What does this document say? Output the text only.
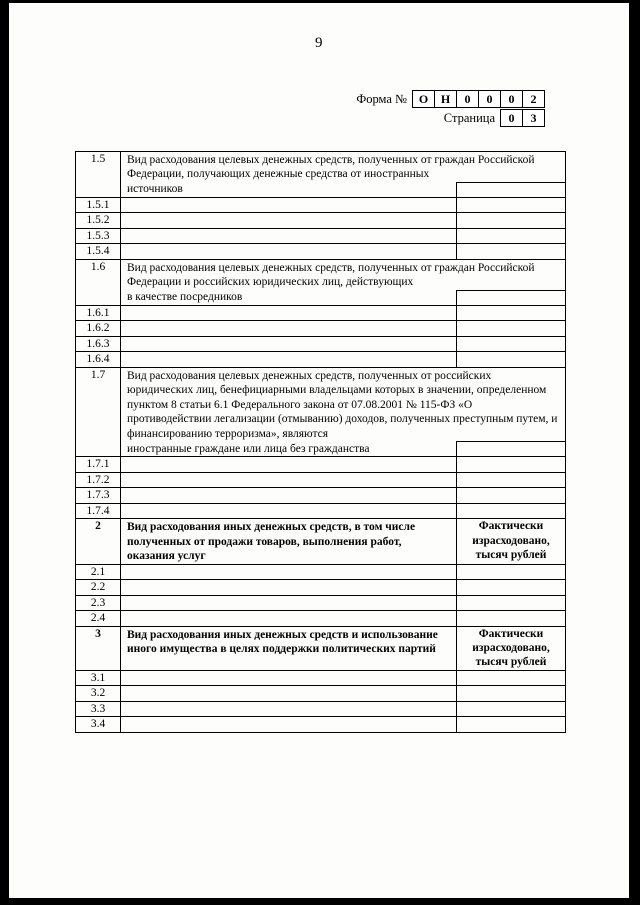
9
Форма № О	Н	0	0	0	2
Страница	0	3
1.5	Вид расходования целевых денежных средств, полученных от граждан Российской Федерации, получающих денежные средства от иностранных	
	источников	
1.5.1		
1.5.2		
1.5.3		
1.5.4		
1.6	Вид расходования целевых денежных средств, полученных от граждан Российской Федерации и российских юридических лиц, действующих	
	в качестве посредников	
1.6.1		
1.6.2		
1.6.3		
1.6.4		
1.7	Вид расходования целевых денежных средств, полученных от российских юридических лиц, бенефициарными владельцами которых в значении, определенном пунктом 8 статьи 6.1 Федерального закона от 07.08.2001 № 115-ФЗ «О противодействии легализации (отмыванию) доходов, полученных преступным путем, и финансированию терроризма», являются	
	иностранные граждане или лица без гражданства	
1.7.1		
1.7.2		
1.7.3		
1.7.4		
2	Вид расходования иных денежных средств, в том числе полученных от продажи товаров, выполнения работ, оказания услуг	Фактически израсходовано, тысяч рублей
2.1		
2.2		
2.3		
2.4		
3	Вид расходования иных денежных средств и использование иного имущества в целях поддержки политических партий	Фактически израсходовано, тысяч рублей
3.1		
3.2		
3.3		
3.4		
